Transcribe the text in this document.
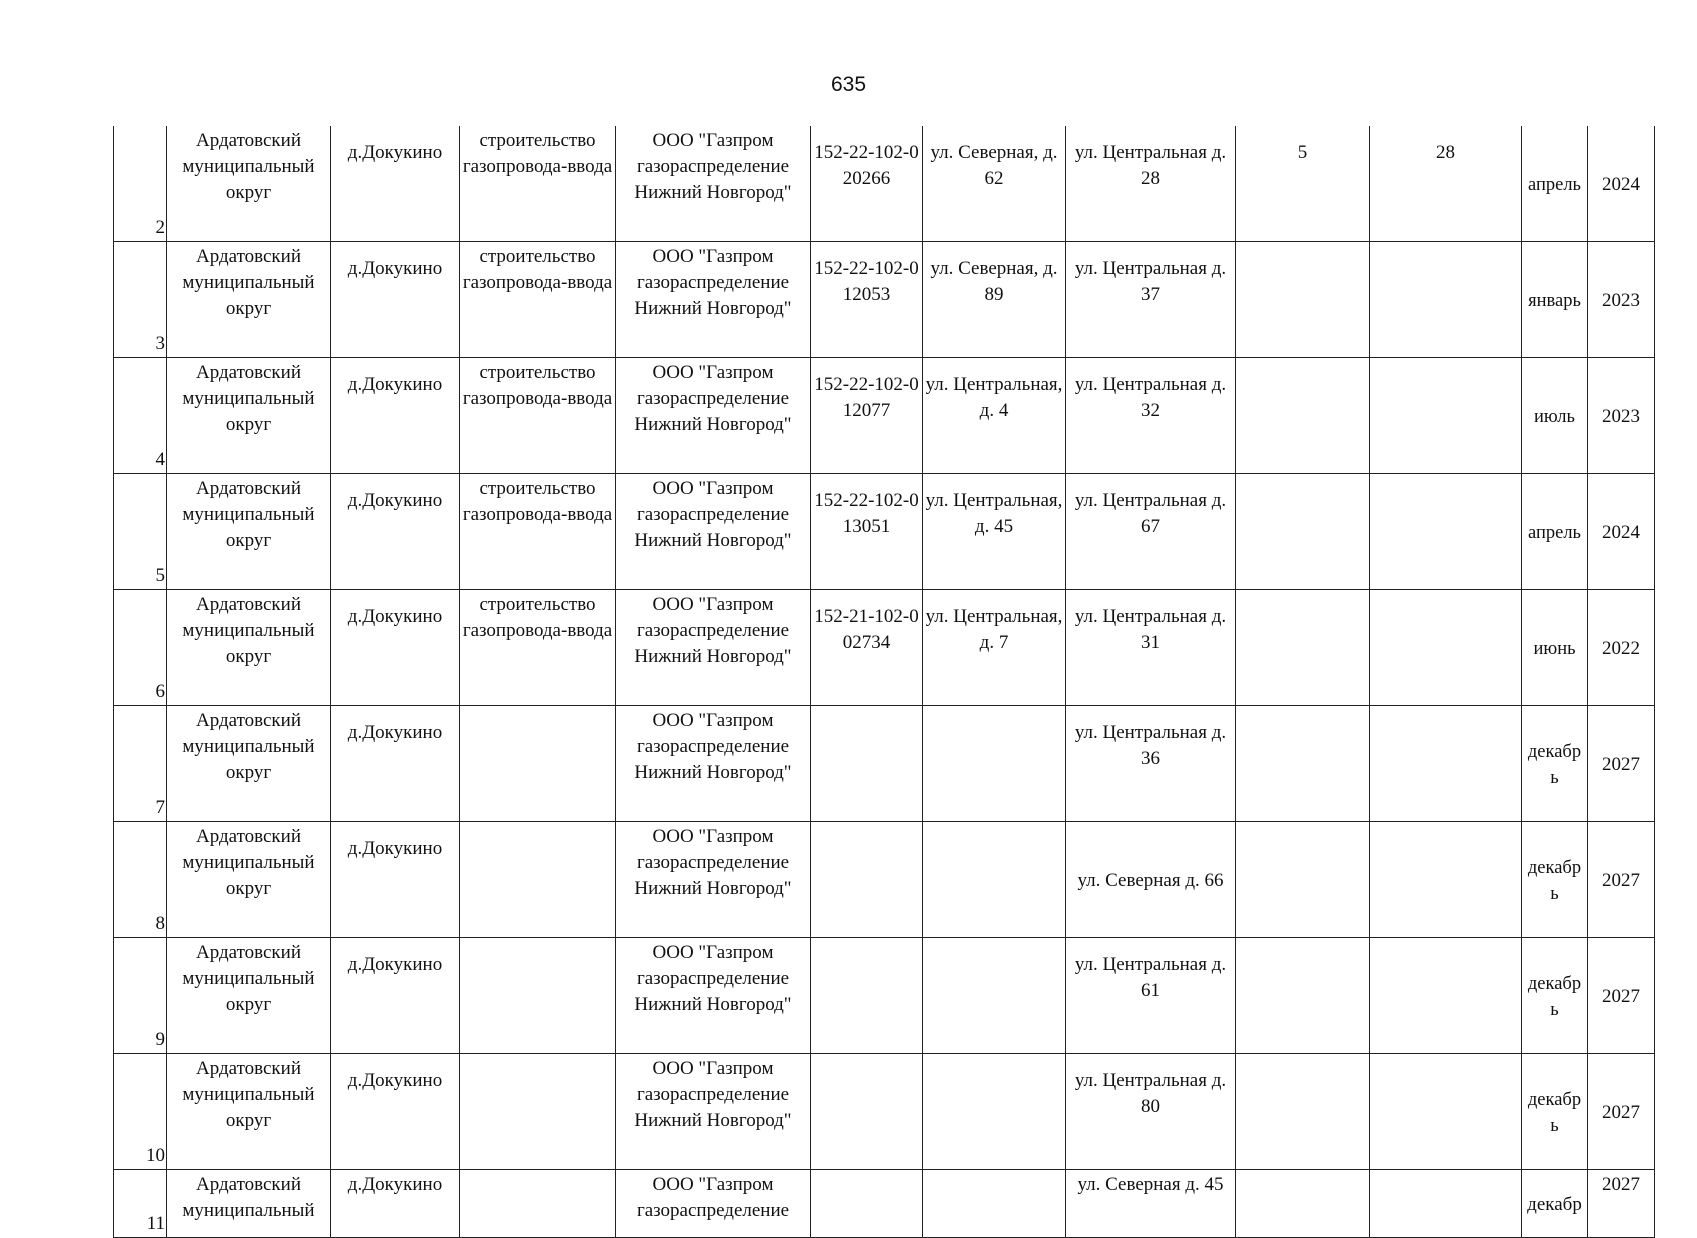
635
2	Ардатовский муниципальный округ	д.Докукино	строительство газопровода-ввода	ООО "Газпром газораспределение Нижний Новгород"	152-22-102-020266	ул. Северная, д. 62	ул. Центральная д. 28	5	28	апрель	2024

3	Ардатовский муниципальный округ	д.Докукино	строительство газопровода-ввода	ООО "Газпром газораспределение Нижний Новгород"	152-22-102-012053	ул. Северная, д. 89	ул. Центральная д. 37			январь	2023

4	Ардатовский муниципальный округ	д.Докукино	строительство газопровода-ввода	ООО "Газпром газораспределение Нижний Новгород"	152-22-102-012077	ул. Центральная, д. 4	ул. Центральная д. 32			июль	2023

5	Ардатовский муниципальный округ	д.Докукино	строительство газопровода-ввода	ООО "Газпром газораспределение Нижний Новгород"	152-22-102-013051	ул. Центральная, д. 45	ул. Центральная д. 67			апрель	2024

6	Ардатовский муниципальный округ	д.Докукино	строительство газопровода-ввода	ООО "Газпром газораспределение Нижний Новгород"	152-21-102-002734	ул. Центральная, д. 7	ул. Центральная д. 31			июнь	2022

7	Ардатовский муниципальный округ	д.Докукино		ООО "Газпром газораспределение Нижний Новгород"			ул. Центральная д. 36			декабрь	2027

8	Ардатовский муниципальный округ	д.Докукино		ООО "Газпром газораспределение Нижний Новгород"			ул. Северная д. 66			декабрь	2027

9	Ардатовский муниципальный округ	д.Докукино		ООО "Газпром газораспределение Нижний Новгород"			ул. Центральная д. 61			декабрь	2027

10	Ардатовский муниципальный округ	д.Докукино		ООО "Газпром газораспределение Нижний Новгород"			ул. Центральная д. 80			декабрь	2027

11	Ардатовский муниципальный	д.Докукино		ООО "Газпром газораспределение			ул. Северная д. 45			декабр	2027
